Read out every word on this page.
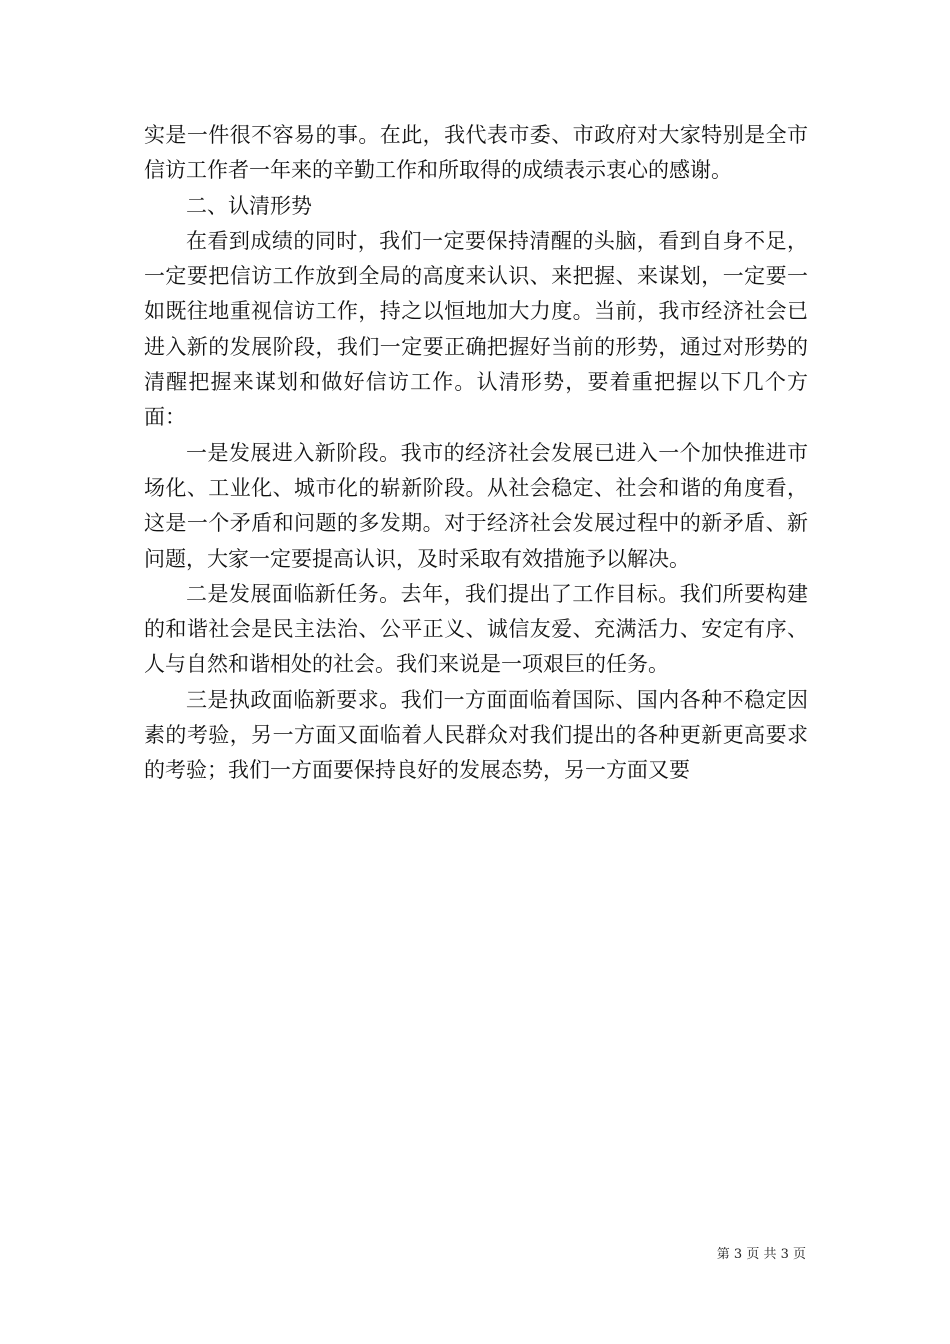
实是一件很不容易的事。在此，我代表市委、市政府对大家特别是全市信访工作者一年来的辛勤工作和所取得的成绩表示衷心的感谢。

二、认清形势

在看到成绩的同时，我们一定要保持清醒的头脑，看到自身不足，一定要把信访工作放到全局的高度来认识、来把握、来谋划，一定要一如既往地重视信访工作，持之以恒地加大力度。当前，我市经济社会已进入新的发展阶段，我们一定要正确把握好当前的形势，通过对形势的清醒把握来谋划和做好信访工作。认清形势，要着重把握以下几个方面：

一是发展进入新阶段。我市的经济社会发展已进入一个加快推进市场化、工业化、城市化的崭新阶段。从社会稳定、社会和谐的角度看，这是一个矛盾和问题的多发期。对于经济社会发展过程中的新矛盾、新问题，大家一定要提高认识，及时采取有效措施予以解决。

二是发展面临新任务。去年，我们提出了工作目标。我们所要构建的和谐社会是民主法治、公平正义、诚信友爱、充满活力、安定有序、人与自然和谐相处的社会。我们来说是一项艰巨的任务。

三是执政面临新要求。我们一方面面临着国际、国内各种不稳定因素的考验，另一方面又面临着人民群众对我们提出的各种更新更高要求的考验；我们一方面要保持良好的发展态势，另一方面又要

第 3 页 共 3 页
